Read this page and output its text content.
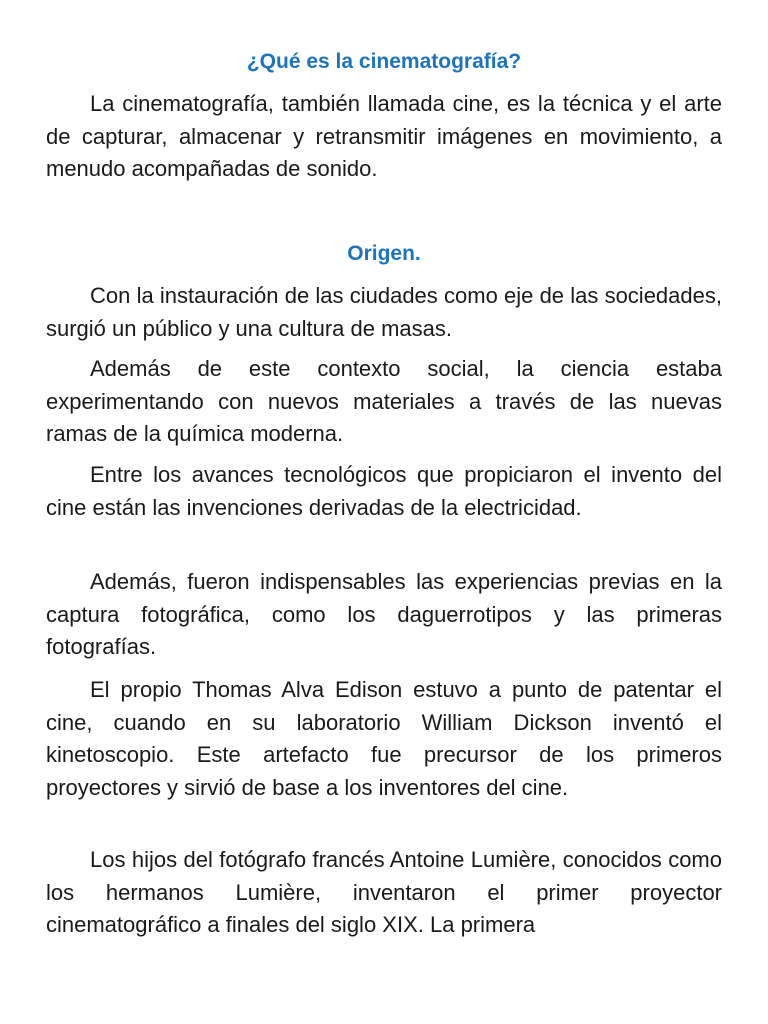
¿Qué es la cinematografía?

La cinematografía, también llamada cine, es la técnica y el arte de capturar, almacenar y retransmitir imágenes en movimiento, a menudo acompañadas de sonido.

Origen.

Con la instauración de las ciudades como eje de las sociedades, surgió un público y una cultura de masas.

Además de este contexto social, la ciencia estaba experimentando con nuevos materiales a través de las nuevas ramas de la química moderna.

Entre los avances tecnológicos que propiciaron el invento del cine están las invenciones derivadas de la electricidad.

Además, fueron indispensables las experiencias previas en la captura fotográfica, como los daguerrotipos y las primeras fotografías.

El propio Thomas Alva Edison estuvo a punto de patentar el cine, cuando en su laboratorio William Dickson inventó el kinetoscopio. Este artefacto fue precursor de los primeros proyectores y sirvió de base a los inventores del cine.

Los hijos del fotógrafo francés Antoine Lumière, conocidos como los hermanos Lumière, inventaron el primer proyector cinematográfico a finales del siglo XIX. La primera
